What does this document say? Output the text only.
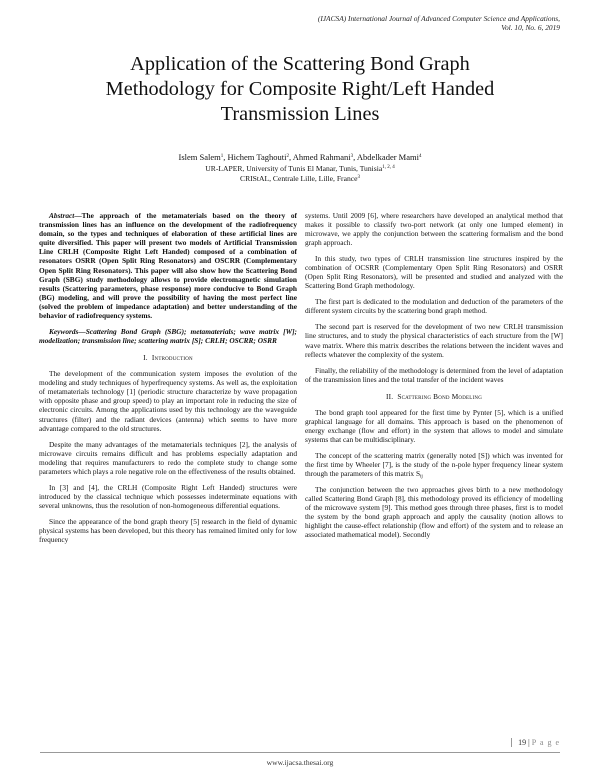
(IJACSA) International Journal of Advanced Computer Science and Applications,
Vol. 10, No. 6, 2019
Application of the Scattering Bond Graph
Methodology for Composite Right/Left Handed
Transmission Lines
Islem Salem$^1$, Hichem Taghouti$^2$, Ahmed Rahmani$^3$, Abdelkader Mami$^4$
UR-LAPER, University of Tunis El Manar, Tunis, Tunisia$^{1, 2, 4}$
CRIStAL, Centrale Lille, Lille, France$^3$

Abstract—The approach of the metamaterials based on the theory of transmission lines has an influence on the development of the radiofrequency domain, so the types and techniques of elaboration of these artificial lines are quite diversified. This paper will present two models of Artificial Transmission Line CRLH (Composite Right Left Handed) composed of a combination of resonators OSRR (Open Split Ring Resonators) and OSCRR (Complementary Open Split Ring Resonators). This paper will also show how the Scattering Bond Graph (SBG) study methodology allows to provide electromagnetic simulation results (Scattering parameters, phase response) more conducive to Bond Graph (BG) modeling, and will prove the possibility of having the most perfect line (solved the problem of impedance adaptation) and better understanding of the behavior of radiofrequency systems.

Keywords—Scattering Bond Graph (SBG); metamaterials; wave matrix [W]; modelization; transmission line; scattering matrix [S]; CRLH; OSCRR; OSRR

I. Introduction

The development of the communication system imposes the evolution of the modeling and study techniques of hyperfrequency systems. As well as, the exploitation of metamaterials technology [1] (periodic structure characterize by wave propagation with opposite phase and group speed) to play an important role in reducing the size of electronic circuits. Among the applications used by this technology are the waveguide structures (filter) and the radiant devices (antenna) which seems to have more advantage compared to the old structures.

Despite the many advantages of the metamaterials techniques [2], the analysis of microwave circuits remains difficult and has problems especially adaptation and modeling that requires manufacturers to redo the complete study to change some parameters which plays a role negative role on the effectiveness of the results obtained.

In [3] and [4], the CRLH (Composite Right Left Handed) structures were introduced by the classical technique which possesses indeterminate equations with several unknowns, thus the resolution of non-homogeneous differential equations.

Since the appearance of the bond graph theory [5] research in the field of dynamic physical systems has been developed, but this theory has remained limited only for low frequency

systems. Until 2009 [6], where researchers have developed an analytical method that makes it possible to classify two-port network (at only one lumped element) in microwave, we apply the conjunction between the scattering formalism and the bond graph approach.

In this study, two types of CRLH transmission line structures inspired by the combination of OCSRR (Complementary Open Split Ring Resonators) and OSRR (Open Split Ring Resonators), will be presented and studied and analyzed with the Scattering Bond Graph methodology.

The first part is dedicated to the modulation and deduction of the parameters of the different system circuits by the scattering bond graph method.

The second part is reserved for the development of two new CRLH transmission line structures, and to study the physical characteristics of each structure from the [W] wave matrix. Where this matrix describes the relations between the incident waves and reflects whatever the complexity of the system.

Finally, the reliability of the methodology is determined from the level of adaptation of the transmission lines and the total transfer of the incident waves

II. Scattering Bond Modeling

The bond graph tool appeared for the first time by Pynter [5], which is a unified graphical language for all domains. This approach is based on the phenomenon of energy exchange (flow and effort) in the system that allows to model and simulate systems that can be multidisciplinary.

The concept of the scattering matrix (generally noted [S]) which was invented for the first time by Wheeler [7], is the study of the n-pole hyper frequency linear system through the parameters of this matrix $S_{ij}$

The conjunction between the two approaches gives birth to a new methodology called Scattering Bond Graph [8], this methodology proved its efficiency of modelling of the microwave system [9]. This method goes through three phases, first is to model the system by the bond graph approach and apply the causality (notion allows to highlight the cause-effect relationship (flow and effort) of the system and to release an associated mathematical model). Secondly

19 | P a g e
www.ijacsa.thesai.org
